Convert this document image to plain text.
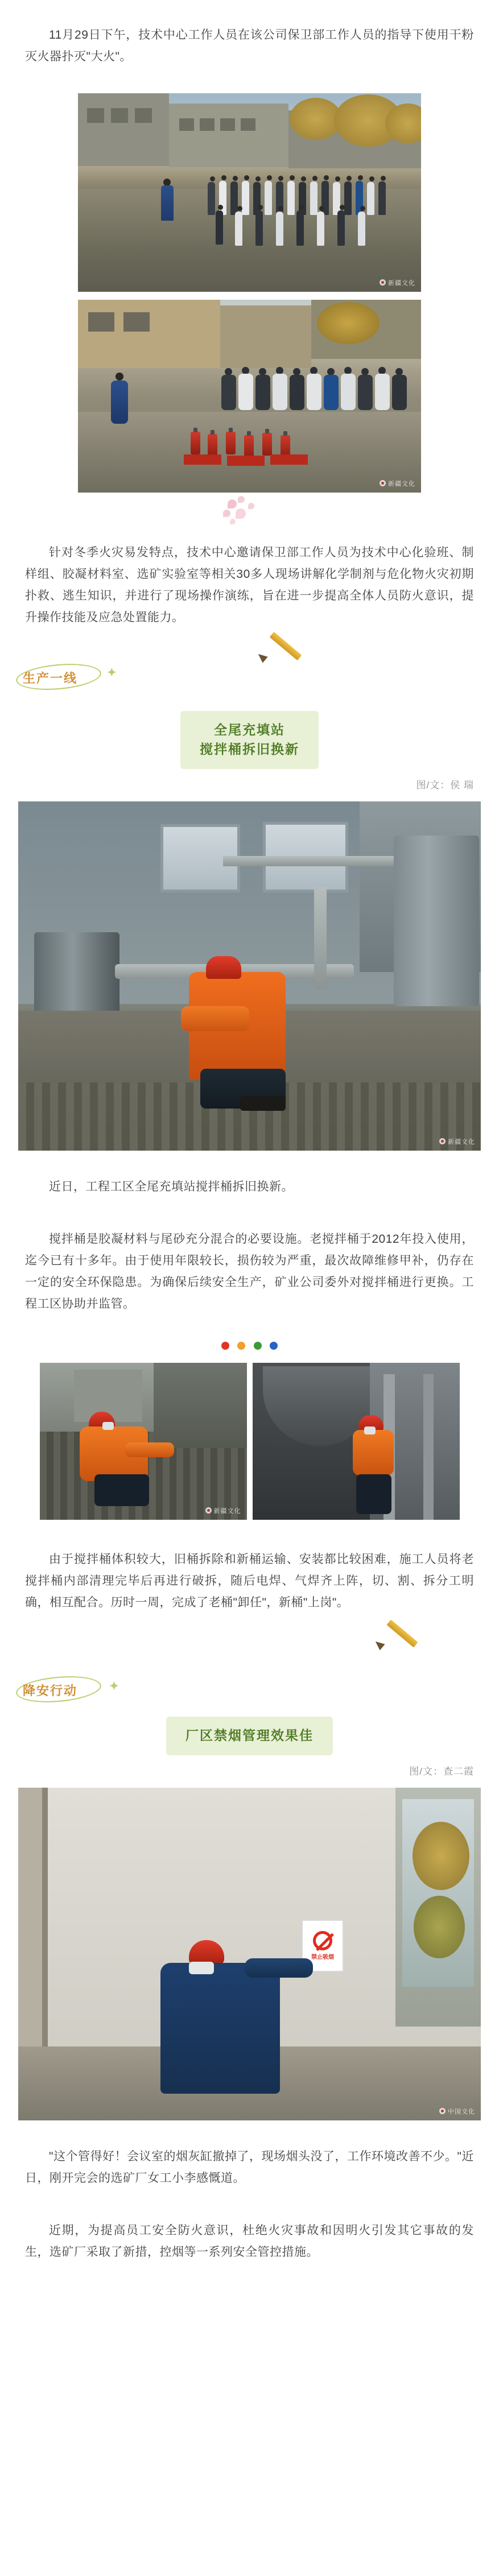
11月29日下午，技术中心工作人员在该公司保卫部工作人员的指导下使用干粉灭火器扑灭"大火"。

新疆文化
新疆文化

针对冬季火灾易发特点，技术中心邀请保卫部工作人员为技术中心化验班、制样组、胶凝材料室、选矿实验室等相关30多人现场讲解化学制剂与危化物火灾初期扑救、逃生知识，并进行了现场操作演练，旨在进一步提高全体人员防火意识，提升操作技能及应急处置能力。

✦
生产一线
全尾充填站
搅拌桶拆旧换新
图/文：侯 瑞
新疆文化

近日，工程工区全尾充填站搅拌桶拆旧换新。

搅拌桶是胶凝材料与尾砂充分混合的必要设施。老搅拌桶于2012年投入使用，迄今已有十多年。由于使用年限较长，损伤较为严重，最次故障维修甲补，仍存在一定的安全环保隐患。为确保后续安全生产，矿业公司委外对搅拌桶进行更换。工程工区协助并监管。

新疆文化

由于搅拌桶体积较大，旧桶拆除和新桶运输、安装都比较困难，施工人员将老搅拌桶内部清理完毕后再进行破拆，随后电焊、气焊齐上阵，切、割、拆分工明确，相互配合。历时一周，完成了老桶"卸任"，新桶"上岗"。

✦
降安行动
厂区禁烟管理效果佳
图/文：查二霞
禁止吸烟
中国文化

"这个管得好！会议室的烟灰缸撤掉了，现场烟头没了，工作环境改善不少。"近日，刚开完会的选矿厂女工小李感慨道。

近期，为提高员工安全防火意识，杜绝火灾事故和因明火引发其它事故的发生，选矿厂采取了新措，控烟等一系列安全管控措施。
